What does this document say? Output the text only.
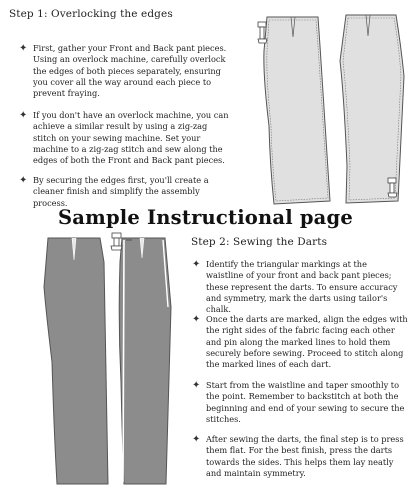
Step 1: Overlocking the edges
✦ First, gather your Front and Back pant pieces. Using an overlock machine, carefully overlock the edges of both pieces separately, ensuring you cover all the way around each piece to prevent fraying.
✦ If you don't have an overlock machine, you can achieve a similar result by using a zig-zag stitch on your sewing machine. Set your machine to a zig-zag stitch and sew along the edges of both the Front and Back pant pieces.
✦ By securing the edges first, you'll create a cleaner finish and simplify the assembly process.
Sample Instructional page
Step 2: Sewing the Darts
✦ Identify the triangular markings at the waistline of your front and back pant pieces; these represent the darts. To ensure accuracy and symmetry, mark the darts using tailor's chalk.
✦ Once the darts are marked, align the edges with the right sides of the fabric facing each other and pin along the marked lines to hold them securely before sewing. Proceed to stitch along the marked lines of each dart.
✦ Start from the waistline and taper smoothly to the point. Remember to backstitch at both the beginning and end of your sewing to secure the stitches.
✦ After sewing the darts, the final step is to press them flat. For the best finish, press the darts towards the sides. This helps them lay neatly and maintain symmetry.
